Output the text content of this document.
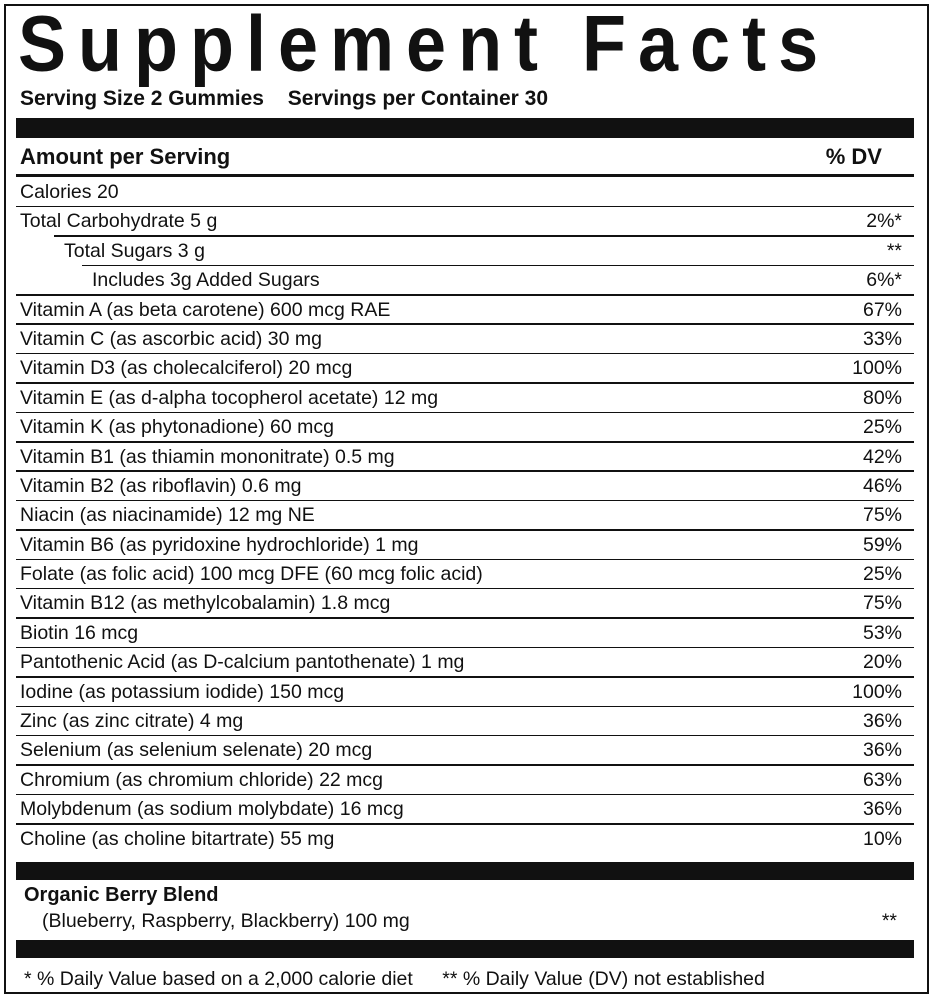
Supplement Facts
Serving Size 2 Gummies Servings per Container 30
Amount per Serving	% DV
Calories 20
Total Carbohydrate 5 g	2%*
Total Sugars 3 g	**
Includes 3g Added Sugars	6%*
Vitamin A (as beta carotene) 600 mcg RAE	67%
Vitamin C (as ascorbic acid) 30 mg	33%
Vitamin D3 (as cholecalciferol) 20 mcg	100%
Vitamin E (as d-alpha tocopherol acetate) 12 mg	80%
Vitamin K (as phytonadione) 60 mcg	25%
Vitamin B1 (as thiamin mononitrate) 0.5 mg	42%
Vitamin B2 (as riboflavin) 0.6 mg	46%
Niacin (as niacinamide) 12 mg NE	75%
Vitamin B6 (as pyridoxine hydrochloride) 1 mg	59%
Folate (as folic acid) 100 mcg DFE (60 mcg folic acid)	25%
Vitamin B12 (as methylcobalamin) 1.8 mcg	75%
Biotin 16 mcg	53%
Pantothenic Acid (as D-calcium pantothenate) 1 mg	20%
Iodine (as potassium iodide) 150 mcg	100%
Zinc (as zinc citrate) 4 mg	36%
Selenium (as selenium selenate) 20 mcg	36%
Chromium (as chromium chloride) 22 mcg	63%
Molybdenum (as sodium molybdate) 16 mcg	36%
Choline (as choline bitartrate) 55 mg	10%
Organic Berry Blend
(Blueberry, Raspberry, Blackberry) 100 mg	**
* % Daily Value based on a 2,000 calorie diet ** % Daily Value (DV) not established
